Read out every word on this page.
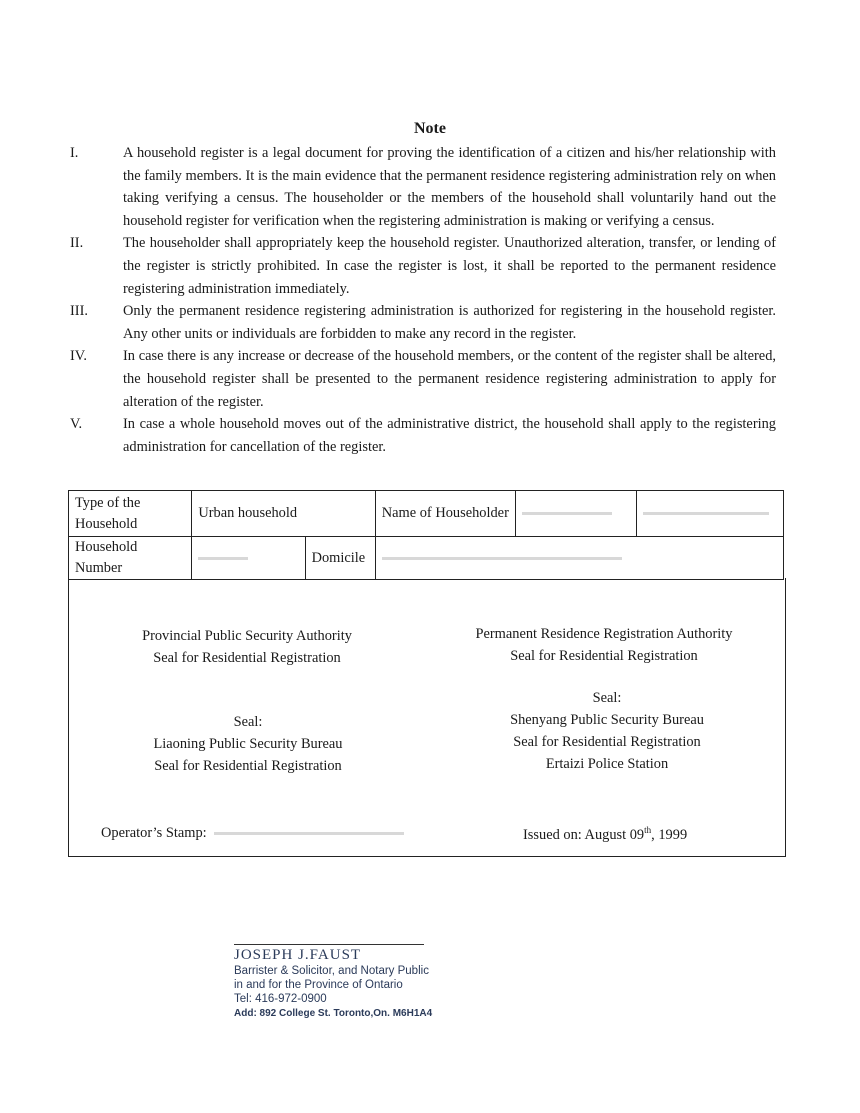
Note
I.	A household register is a legal document for proving the identification of a citizen and his/her relationship with the family members. It is the main evidence that the permanent residence registering administration rely on when taking verifying a census. The householder or the members of the household shall voluntarily hand out the household register for verification when the registering administration is making or verifying a census.
II.	The householder shall appropriately keep the household register. Unauthorized alteration, transfer, or lending of the register is strictly prohibited. In case the register is lost, it shall be reported to the permanent residence registering administration immediately.
III.	Only the permanent residence registering administration is authorized for registering in the household register. Any other units or individuals are forbidden to make any record in the register.
IV.	In case there is any increase or decrease of the household members, or the content of the register shall be altered, the household register shall be presented to the permanent residence registering administration to apply for alteration of the register.
V.	In case a whole household moves out of the administrative district, the household shall apply to the registering administration for cancellation of the register.
Type of the Household	Urban household		Name of Householder		
Household Number		Domicile			
Provincial Public Security Authority
Seal for Residential Registration
Permanent Residence Registration Authority
Seal for Residential Registration
Seal:
Liaoning Public Security Bureau
Seal for Residential Registration
Seal:
Shenyang Public Security Bureau
Seal for Residential Registration
Ertaizi Police Station
Operator’s Stamp:	Issued on: August 09th, 1999
JOSEPH J.FAUST
Barrister & Solicitor, and Notary Public
in and for the Province of Ontario
Tel: 416-972-0900
Add: 892 College St. Toronto,On. M6H1A4
